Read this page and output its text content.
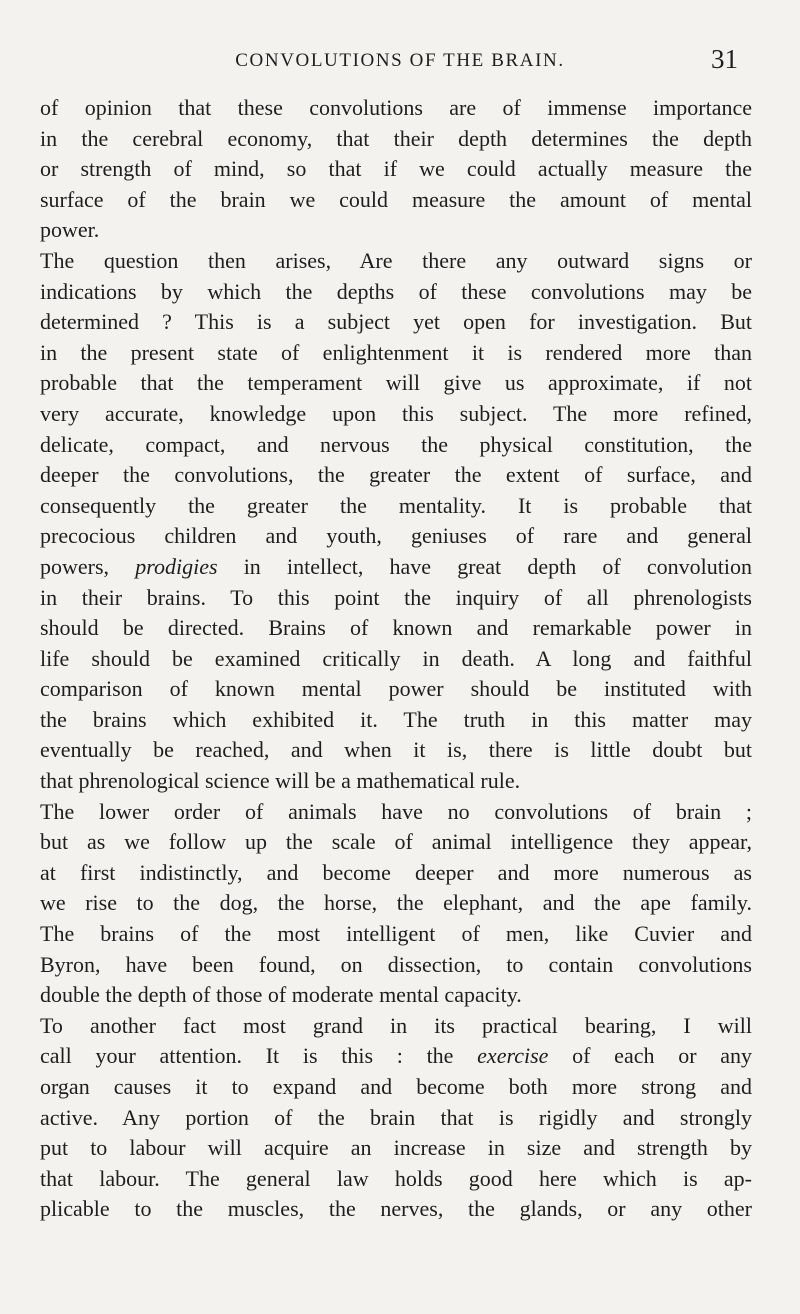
CONVOLUTIONS OF THE BRAIN.	31
of opinion that these convolutions are of immense importance
in the cerebral economy, that their depth determines the depth
or strength of mind, so that if we could actually measure the
surface of the brain we could measure the amount of mental
power.
The question then arises, Are there any outward signs or
indications by which the depths of these convolutions may be
determined ? This is a subject yet open for investigation. But
in the present state of enlightenment it is rendered more than
probable that the temperament will give us approximate, if not
very accurate, knowledge upon this subject. The more refined,
delicate, compact, and nervous the physical constitution, the
deeper the convolutions, the greater the extent of surface, and
consequently the greater the mentality. It is probable that
precocious children and youth, geniuses of rare and general
powers, prodigies in intellect, have great depth of convolution
in their brains. To this point the inquiry of all phrenologists
should be directed. Brains of known and remarkable power in
life should be examined critically in death. A long and faithful
comparison of known mental power should be instituted with
the brains which exhibited it. The truth in this matter may
eventually be reached, and when it is, there is little doubt but
that phrenological science will be a mathematical rule.
The lower order of animals have no convolutions of brain ;
but as we follow up the scale of animal intelligence they appear,
at first indistinctly, and become deeper and more numerous as
we rise to the dog, the horse, the elephant, and the ape family.
The brains of the most intelligent of men, like Cuvier and
Byron, have been found, on dissection, to contain convolutions
double the depth of those of moderate mental capacity.
To another fact most grand in its practical bearing, I will
call your attention. It is this : the exercise of each or any
organ causes it to expand and become both more strong and
active. Any portion of the brain that is rigidly and strongly
put to labour will acquire an increase in size and strength by
that labour. The general law holds good here which is ap-
plicable to the muscles, the nerves, the glands, or any other
